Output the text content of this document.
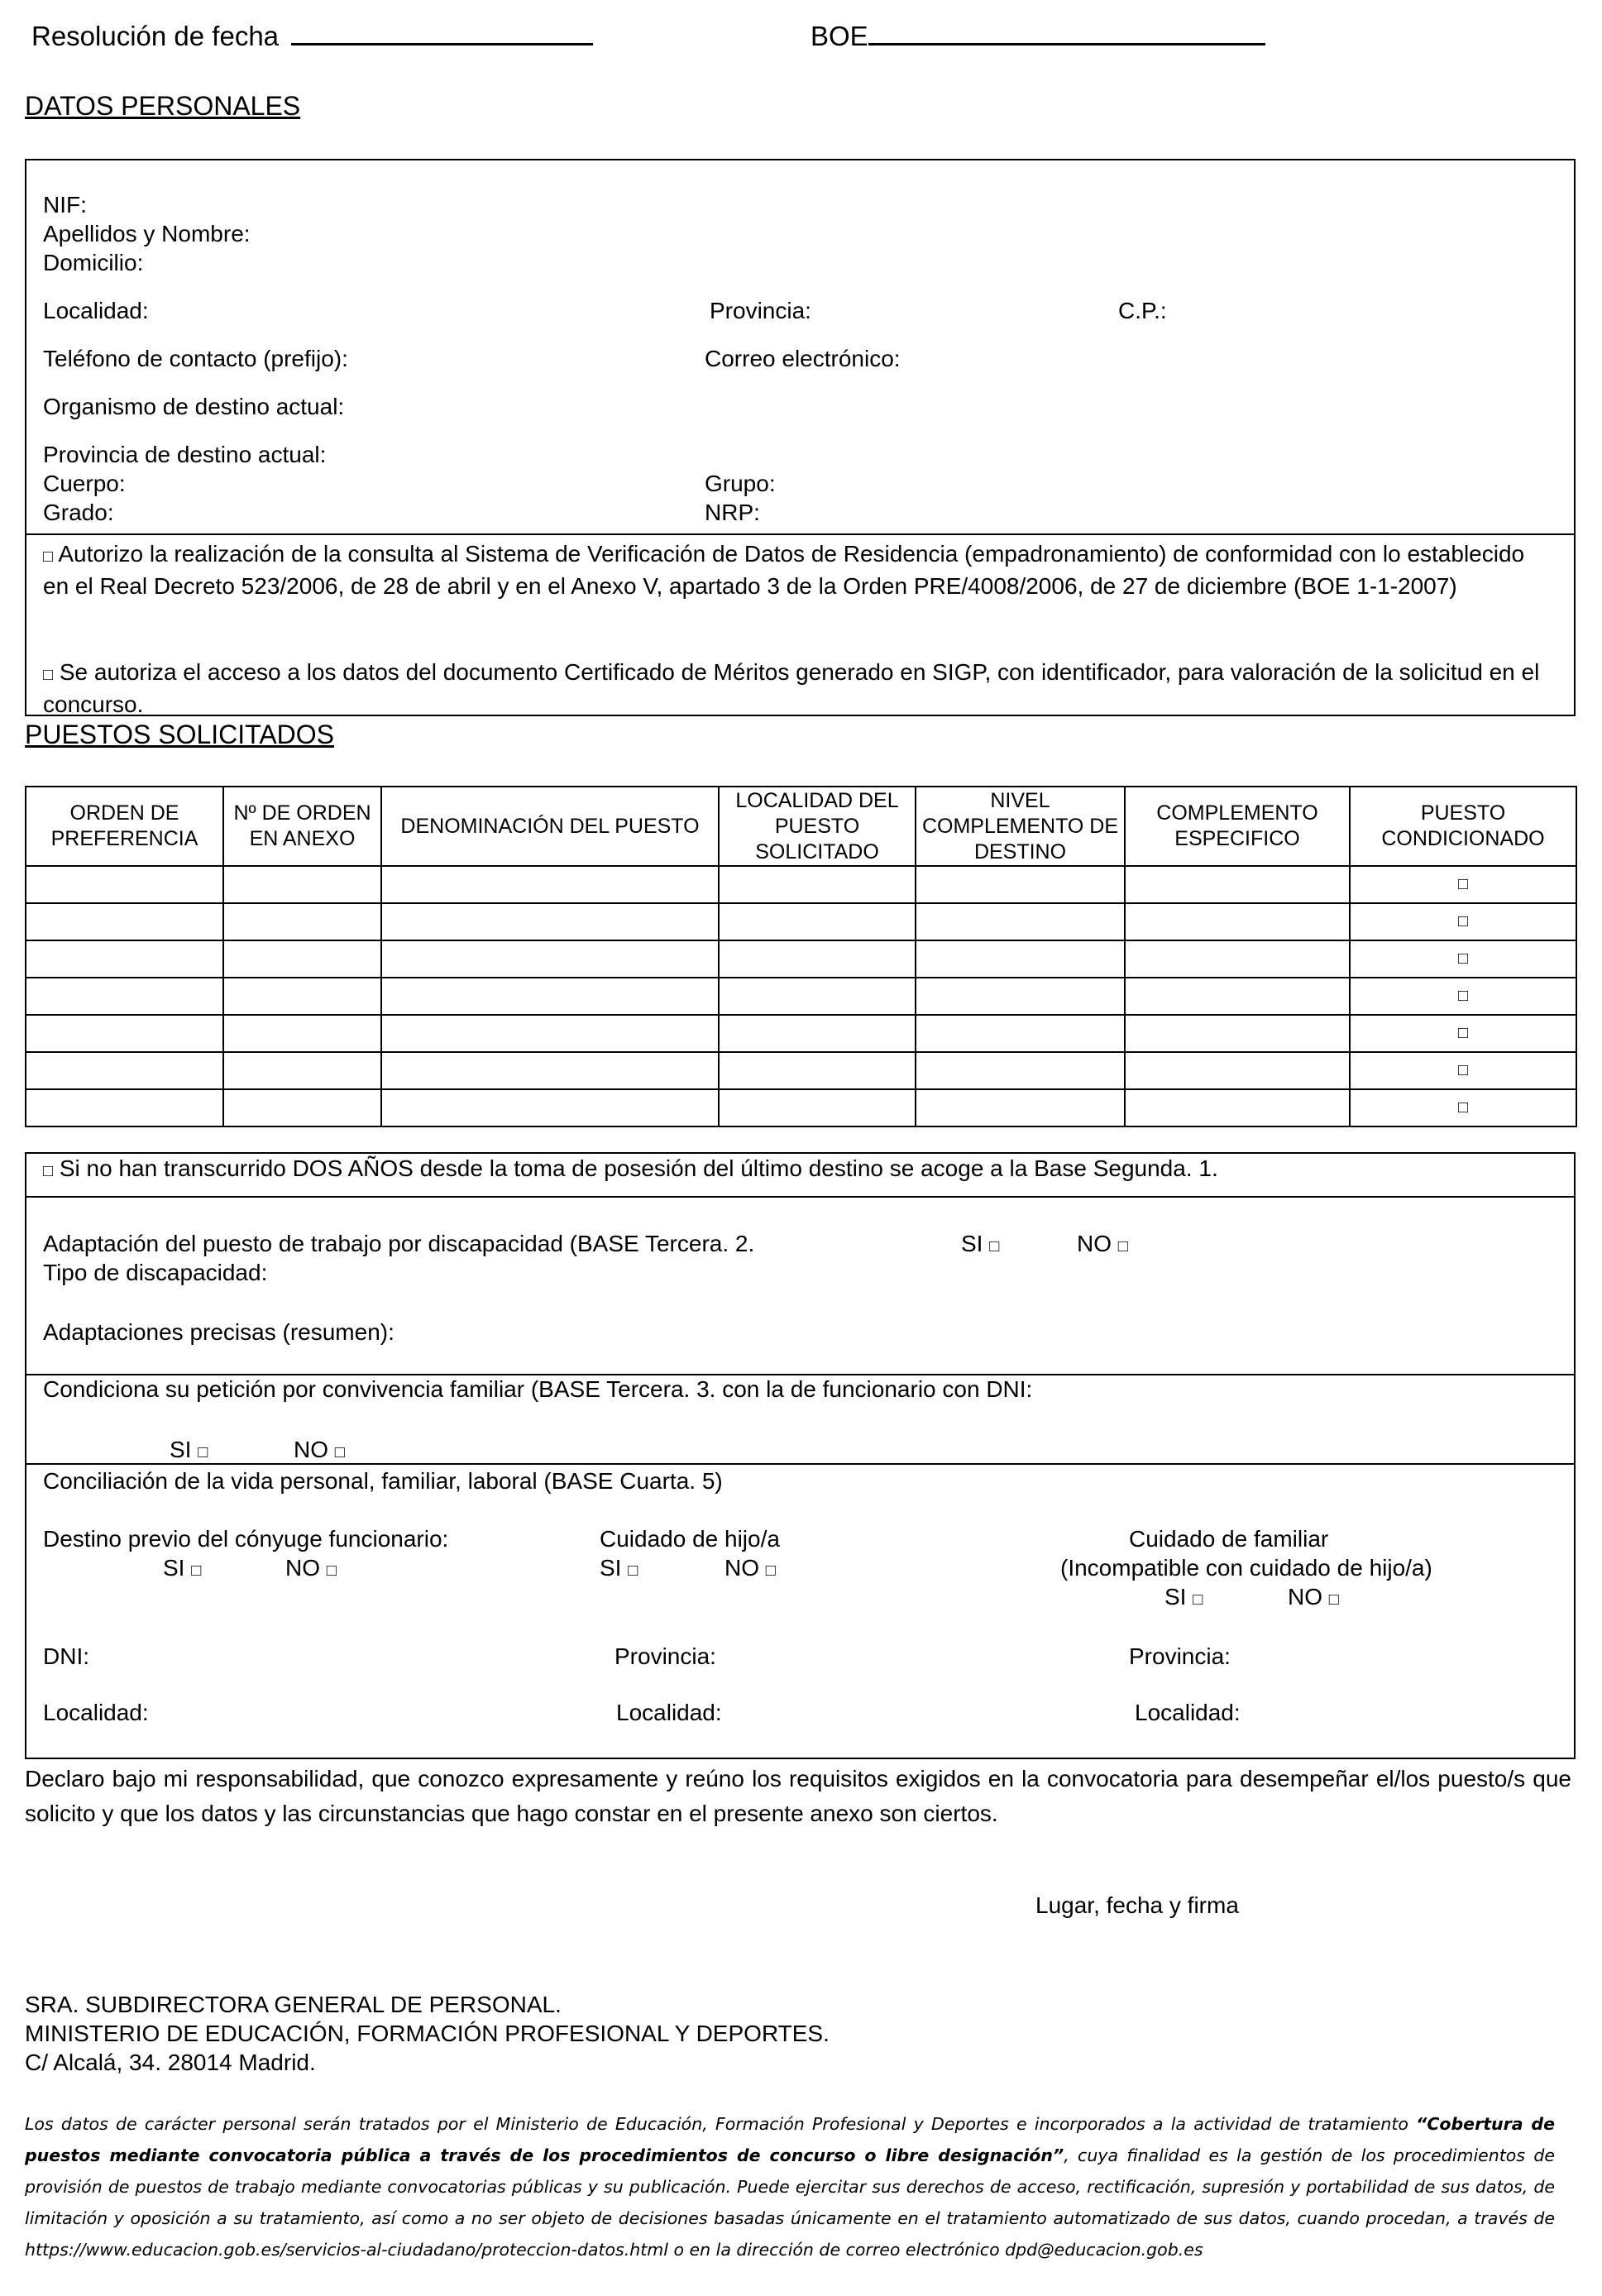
Resolución de fecha	BOE
DATOS PERSONALES
NIF:
Apellidos y Nombre:
Domicilio:
Localidad:	Provincia:	C.P.:
Teléfono de contacto (prefijo):	Correo electrónico:
Organismo de destino actual:
Provincia de destino actual:
Cuerpo:	Grupo:
Grado:	NRP:
□ Autorizo la realización de la consulta al Sistema de Verificación de Datos de Residencia (empadronamiento) de conformidad con lo establecido en el Real Decreto 523/2006, de 28 de abril y en el Anexo V, apartado 3 de la Orden PRE/4008/2006, de 27 de diciembre (BOE 1-1-2007)
□ Se autoriza el acceso a los datos del documento Certificado de Méritos generado en SIGP, con identificador, para valoración de la solicitud en el concurso.
PUESTOS SOLICITADOS
ORDEN DE PREFERENCIA	Nº DE ORDEN EN ANEXO	DENOMINACIÓN DEL PUESTO	LOCALIDAD DEL PUESTO SOLICITADO	NIVEL COMPLEMENTO DE DESTINO	COMPLEMENTO ESPECIFICO	PUESTO CONDICIONADO
						□
						□
						□
						□
						□
						□
						□
□ Si no han transcurrido DOS AÑOS desde la toma de posesión del último destino se acoge a la Base Segunda. 1.
Adaptación del puesto de trabajo por discapacidad (BASE Tercera. 2.	SI □	NO □
Tipo de discapacidad:
Adaptaciones precisas (resumen):
Condiciona su petición por convivencia familiar (BASE Tercera. 3. con la de funcionario con DNI:
SI □	NO □
Conciliación de la vida personal, familiar, laboral (BASE Cuarta. 5)
Destino previo del cónyuge funcionario:	Cuidado de hijo/a	Cuidado de familiar
SI □	NO □	SI □	NO □	(Incompatible con cuidado de hijo/a)
SI □	NO □
DNI:	Provincia:	Provincia:
Localidad:	Localidad:	Localidad:
Declaro bajo mi responsabilidad, que conozco expresamente y reúno los requisitos exigidos en la convocatoria para desempeñar el/los puesto/s que solicito y que los datos y las circunstancias que hago constar en el presente anexo son ciertos.
Lugar, fecha y firma
SRA. SUBDIRECTORA GENERAL DE PERSONAL.
MINISTERIO DE EDUCACIÓN, FORMACIÓN PROFESIONAL Y DEPORTES.
C/ Alcalá, 34. 28014 Madrid.
Los datos de carácter personal serán tratados por el Ministerio de Educación, Formación Profesional y Deportes e incorporados a la actividad de tratamiento “Cobertura de puestos mediante convocatoria pública a través de los procedimientos de concurso o libre designación”, cuya finalidad es la gestión de los procedimientos de provisión de puestos de trabajo mediante convocatorias públicas y su publicación. Puede ejercitar sus derechos de acceso, rectificación, supresión y portabilidad de sus datos, de limitación y oposición a su tratamiento, así como a no ser objeto de decisiones basadas únicamente en el tratamiento automatizado de sus datos, cuando procedan, a través de https://www.educacion.gob.es/servicios-al-ciudadano/proteccion-datos.html o en la dirección de correo electrónico dpd@educacion.gob.es
